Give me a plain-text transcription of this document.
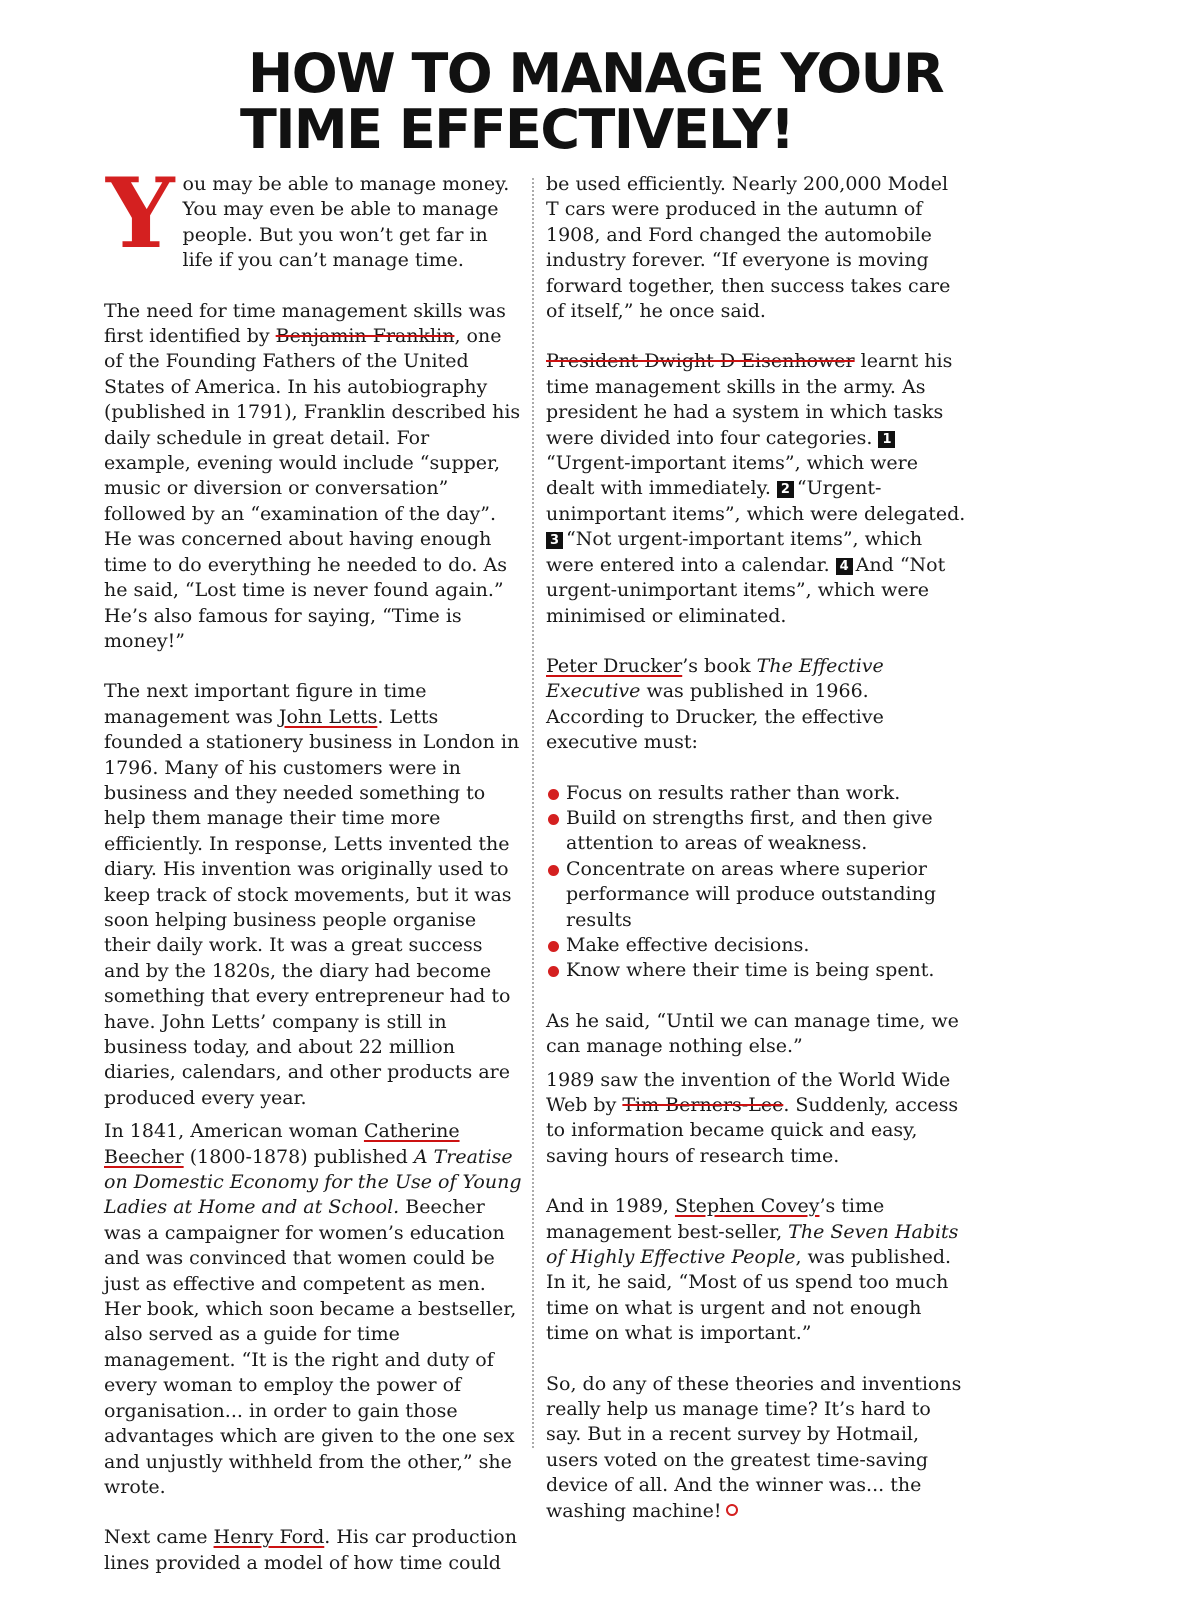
HOW TO MANAGE YOUR
TIME EFFECTIVELY!

You may be able to manage money. You may even be able to manage people. But you won’t get far in life if you can’t manage time.

The need for time management skills was first identified by Benjamin Franklin, one of the Founding Fathers of the United States of America. In his autobiography (published in 1791), Franklin described his daily schedule in great detail. For example, evening would include “supper, music or diversion or conversation” followed by an “examination of the day”. He was concerned about having enough time to do everything he needed to do. As he said, “Lost time is never found again.” He’s also famous for saying, “Time is money!”

The next important figure in time management was John Letts. Letts founded a stationery business in London in 1796. Many of his customers were in business and they needed something to help them manage their time more efficiently. In response, Letts invented the diary. His invention was originally used to keep track of stock movements, but it was soon helping business people organise their daily work. It was a great success and by the 1820s, the diary had become something that every entrepreneur had to have. John Letts’ company is still in business today, and about 22 million diaries, calendars, and other products are produced every year.

In 1841, American woman Catherine Beecher (1800-1878) published A Treatise on Domestic Economy for the Use of Young Ladies at Home and at School. Beecher was a campaigner for women’s education and was convinced that women could be just as effective and competent as men. Her book, which soon became a bestseller, also served as a guide for time management. “It is the right and duty of every woman to employ the power of organisation... in order to gain those advantages which are given to the one sex and unjustly withheld from the other,” she wrote.

Next came Henry Ford. His car production lines provided a model of how time could

be used efficiently. Nearly 200,000 Model T cars were produced in the autumn of 1908, and Ford changed the automobile industry forever. “If everyone is moving forward together, then success takes care of itself,” he once said.

President Dwight D Eisenhower learnt his time management skills in the army. As president he had a system in which tasks were divided into four categories. 1“Urgent-important items”, which were dealt with immediately. 2 “Urgent-unimportant items”, which were delegated. 3 “Not urgent-important items”, which were entered into a calendar. 4 And “Not urgent-unimportant items”, which were minimised or eliminated.

Peter Drucker’s book The Effective Executive was published in 1966. According to Drucker, the effective executive must:

Focus on results rather than work.
Build on strengths first, and then give attention to areas of weakness.
Concentrate on areas where superior performance will produce outstanding results
Make effective decisions.
Know where their time is being spent.

As he said, “Until we can manage time, we can manage nothing else.”

1989 saw the invention of the World Wide Web by Tim Berners-Lee. Suddenly, access to information became quick and easy, saving hours of research time.

And in 1989, Stephen Covey’s time management best-seller, The Seven Habits of Highly Effective People, was published. In it, he said, “Most of us spend too much time on what is urgent and not enough time on what is important.”

So, do any of these theories and inventions really help us manage time? It’s hard to say. But in a recent survey by Hotmail, users voted on the greatest time-saving device of all. And the winner was... the washing machine!
